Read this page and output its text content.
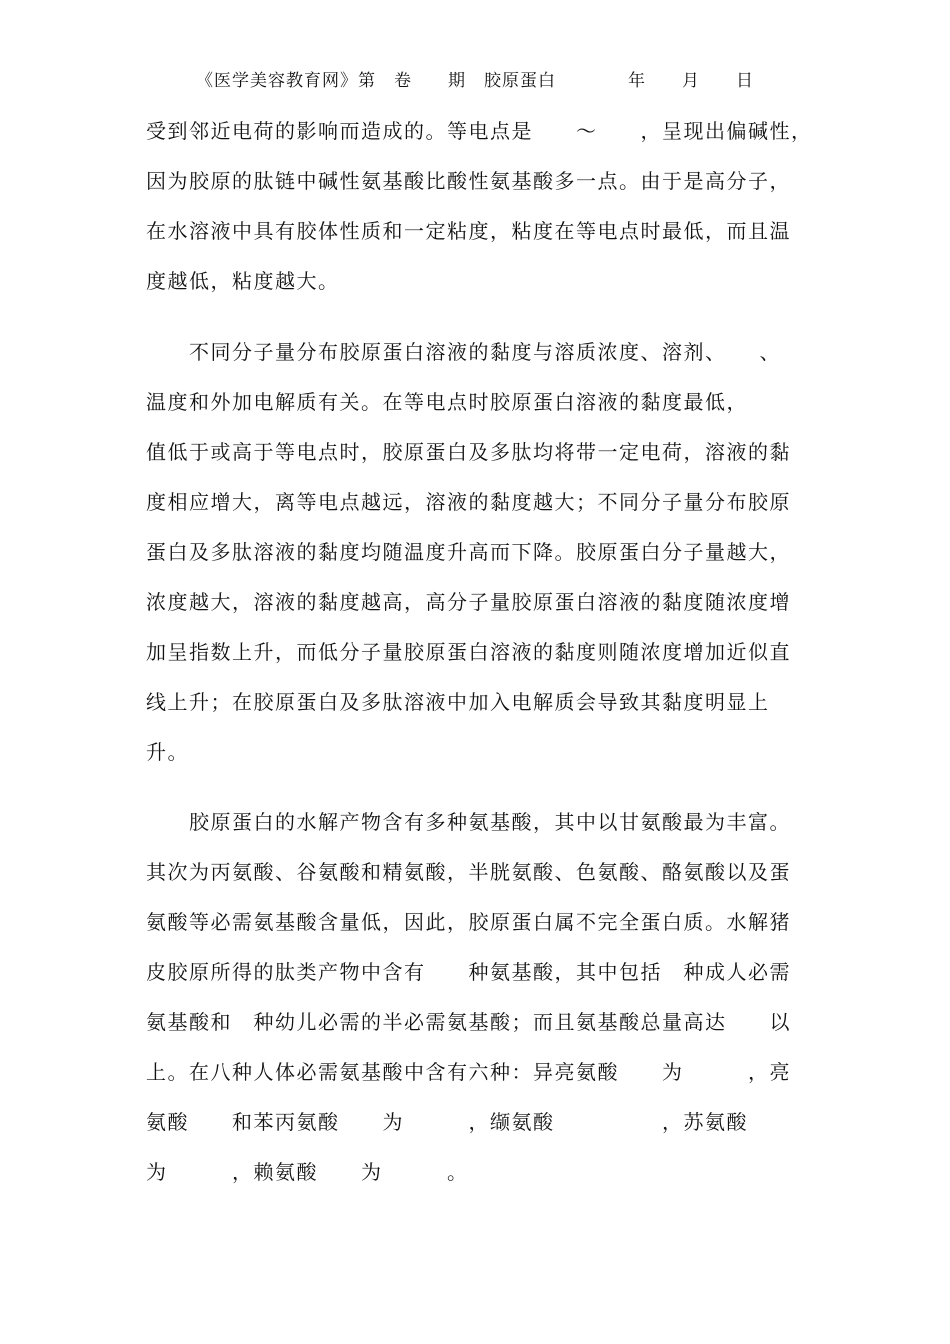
《医学美容教育网》第　卷　　期　胶原蛋白　　　　年　　月　　日
受到邻近电荷的影响而造成的。等电点是　　～　　，呈现出偏碱性，
因为胶原的肽链中碱性氨基酸比酸性氨基酸多一点。由于是高分子，
在水溶液中具有胶体性质和一定粘度，粘度在等电点时最低，而且温
度越低，粘度越大。
　　不同分子量分布胶原蛋白溶液的黏度与溶质浓度、溶剂、　　、
温度和外加电解质有关。在等电点时胶原蛋白溶液的黏度最低，
值低于或高于等电点时，胶原蛋白及多肽均将带一定电荷，溶液的黏
度相应增大，离等电点越远，溶液的黏度越大；不同分子量分布胶原
蛋白及多肽溶液的黏度均随温度升高而下降。胶原蛋白分子量越大，
浓度越大，溶液的黏度越高，高分子量胶原蛋白溶液的黏度随浓度增
加呈指数上升，而低分子量胶原蛋白溶液的黏度则随浓度增加近似直
线上升；在胶原蛋白及多肽溶液中加入电解质会导致其黏度明显上
升。
　　胶原蛋白的水解产物含有多种氨基酸，其中以甘氨酸最为丰富。
其次为丙氨酸、谷氨酸和精氨酸，半胱氨酸、色氨酸、酪氨酸以及蛋
氨酸等必需氨基酸含量低，因此，胶原蛋白属不完全蛋白质。水解猪
皮胶原所得的肽类产物中含有　　种氨基酸，其中包括　种成人必需
氨基酸和　种幼儿必需的半必需氨基酸；而且氨基酸总量高达　　以
上。在八种人体必需氨基酸中含有六种：异亮氨酸　　为　　　，亮
氨酸　　和苯丙氨酸　　为　　　，缬氨酸　　　　　，苏氨酸
为　　　，赖氨酸　　为　　　。
